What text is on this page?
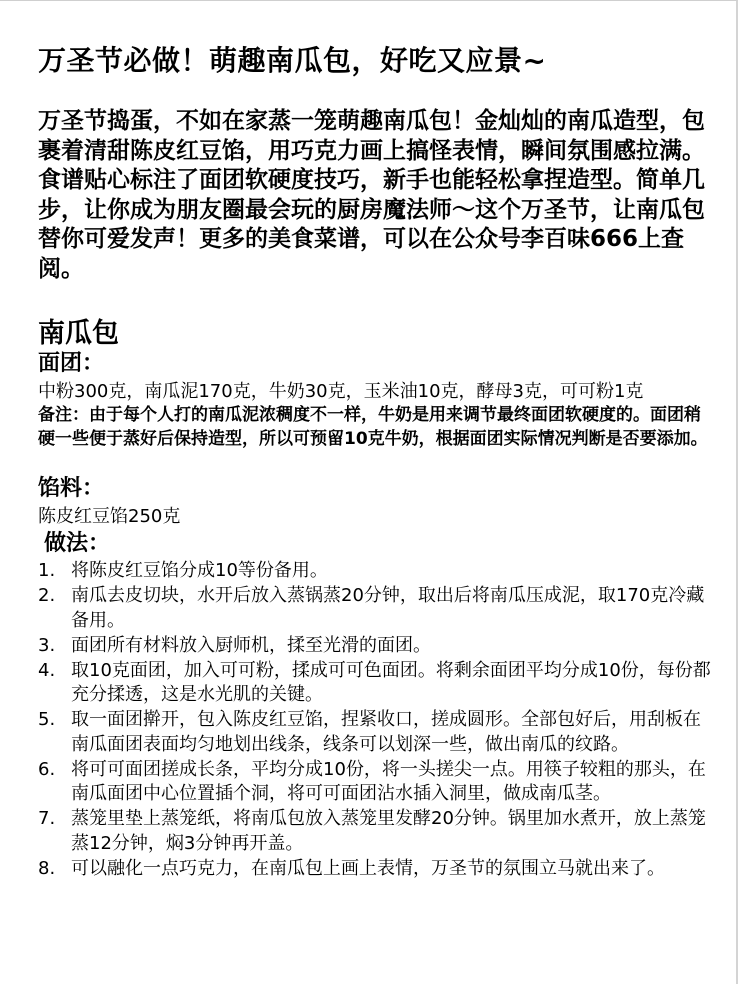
万圣节必做！萌趣南瓜包，好吃又应景~
万圣节捣蛋，不如在家蒸一笼萌趣南瓜包！金灿灿的南瓜造型，包裹着清甜陈皮红豆馅，用巧克力画上搞怪表情，瞬间氛围感拉满。食谱贴心标注了面团软硬度技巧，新手也能轻松拿捏造型。简单几步，让你成为朋友圈最会玩的厨房魔法师～这个万圣节，让南瓜包替你可爱发声！更多的美食菜谱，可以在公众号李百味666上查阅。
南瓜包
面团：
中粉300克，南瓜泥170克，牛奶30克，玉米油10克，酵母3克，可可粉1克
备注：由于每个人打的南瓜泥浓稠度不一样，牛奶是用来调节最终面团软硬度的。面团稍硬一些便于蒸好后保持造型，所以可预留10克牛奶，根据面团实际情况判断是否要添加。
馅料：
陈皮红豆馅250克
做法：
1. 将陈皮红豆馅分成10等份备用。
2. 南瓜去皮切块，水开后放入蒸锅蒸20分钟，取出后将南瓜压成泥，取170克冷藏备用。
3. 面团所有材料放入厨师机，揉至光滑的面团。
4. 取10克面团，加入可可粉，揉成可可色面团。将剩余面团平均分成10份，每份都充分揉透，这是水光肌的关键。
5. 取一面团擀开，包入陈皮红豆馅，捏紧收口，搓成圆形。全部包好后，用刮板在南瓜面团表面均匀地划出线条，线条可以划深一些，做出南瓜的纹路。
6. 将可可面团搓成长条，平均分成10份，将一头搓尖一点。用筷子较粗的那头，在南瓜面团中心位置插个洞，将可可面团沾水插入洞里，做成南瓜茎。
7. 蒸笼里垫上蒸笼纸，将南瓜包放入蒸笼里发酵20分钟。锅里加水煮开，放上蒸笼蒸12分钟，焖3分钟再开盖。
8. 可以融化一点巧克力，在南瓜包上画上表情，万圣节的氛围立马就出来了。
